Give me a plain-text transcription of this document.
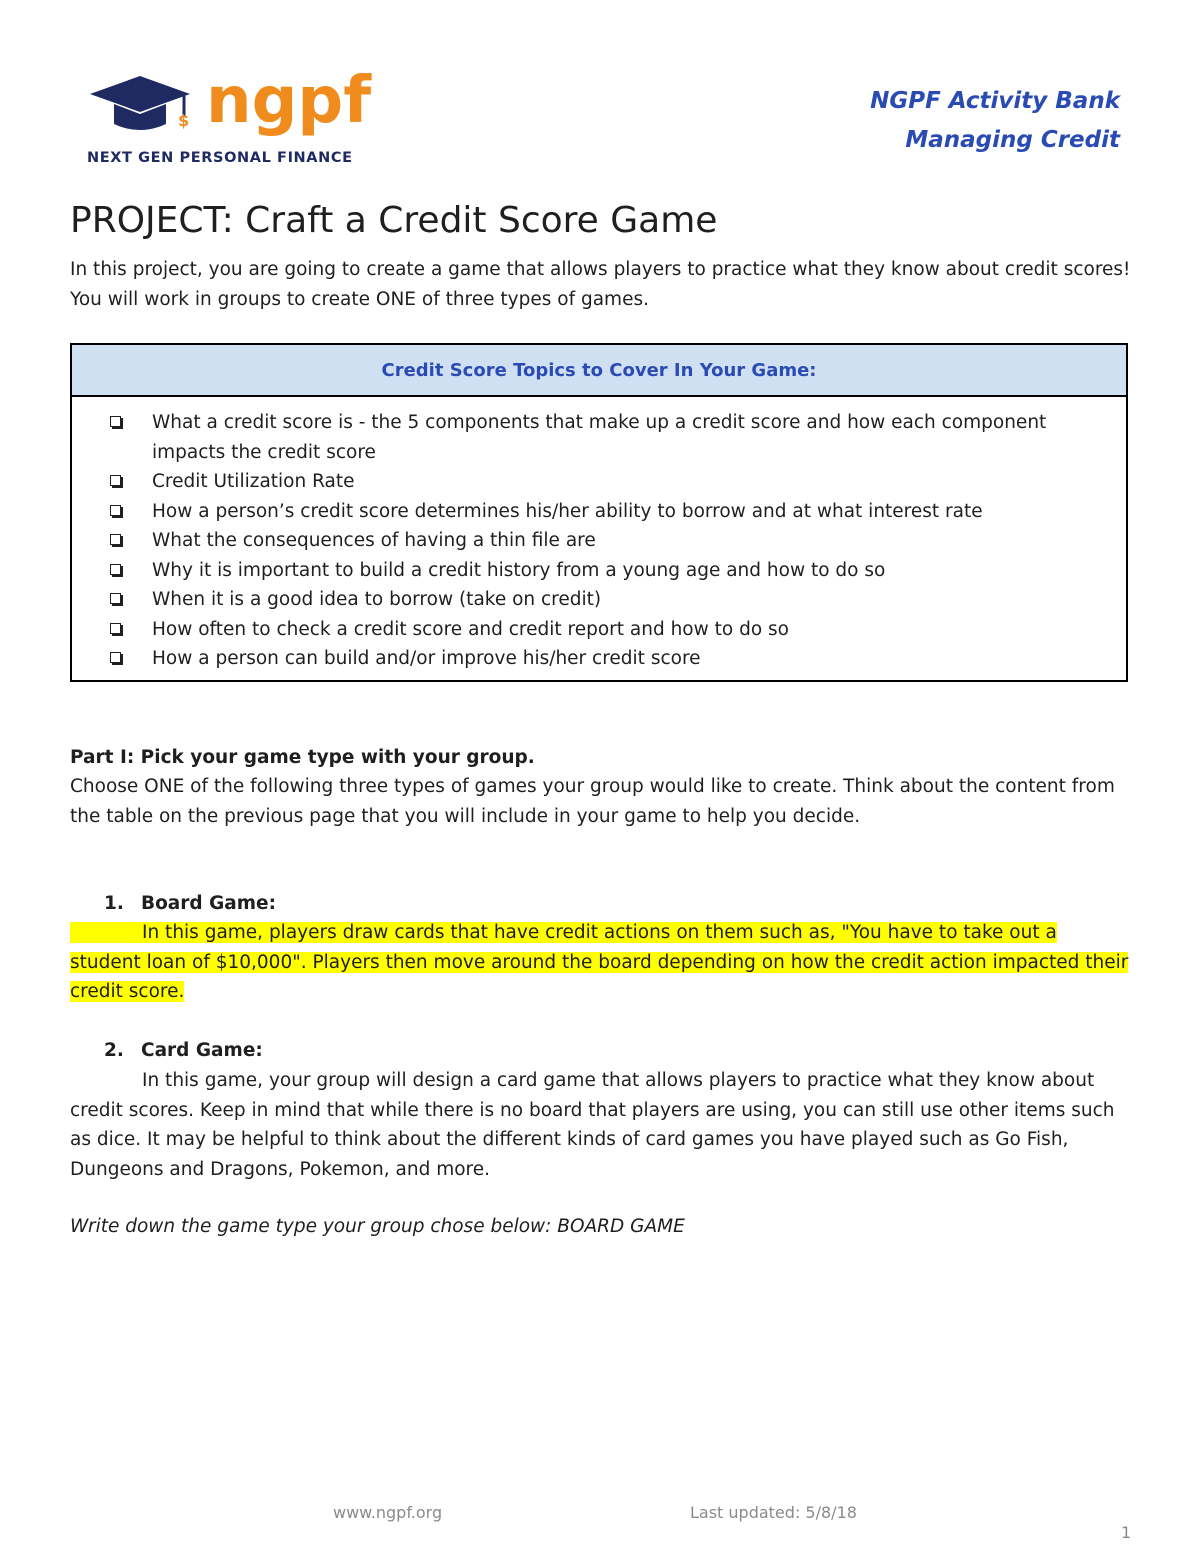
$ ngpf
NEXT GEN PERSONAL FINANCE
NGPF Activity Bank
Managing Credit
PROJECT: Craft a Credit Score Game
In this project, you are going to create a game that allows players to practice what they know about credit scores! You will work in groups to create ONE of three types of games.
Credit Score Topics to Cover In Your Game:
What a credit score is - the 5 components that make up a credit score and how each component impacts the credit score
Credit Utilization Rate
How a person’s credit score determines his/her ability to borrow and at what interest rate
What the consequences of having a thin file are
Why it is important to build a credit history from a young age and how to do so
When it is a good idea to borrow (take on credit)
How often to check a credit score and credit report and how to do so
How a person can build and/or improve his/her credit score
Part I: Pick your game type with your group.
Choose ONE of the following three types of games your group would like to create. Think about the content from the table on the previous page that you will include in your game to help you decide.
1. Board Game:
In this game, players draw cards that have credit actions on them such as, "You have to take out a student loan of $10,000". Players then move around the board depending on how the credit action impacted their credit score.
2. Card Game:
In this game, your group will design a card game that allows players to practice what they know about credit scores. Keep in mind that while there is no board that players are using, you can still use other items such as dice. It may be helpful to think about the different kinds of card games you have played such as Go Fish, Dungeons and Dragons, Pokemon, and more.
Write down the game type your group chose below: BOARD GAME
www.ngpf.org	Last updated: 5/8/18
1
